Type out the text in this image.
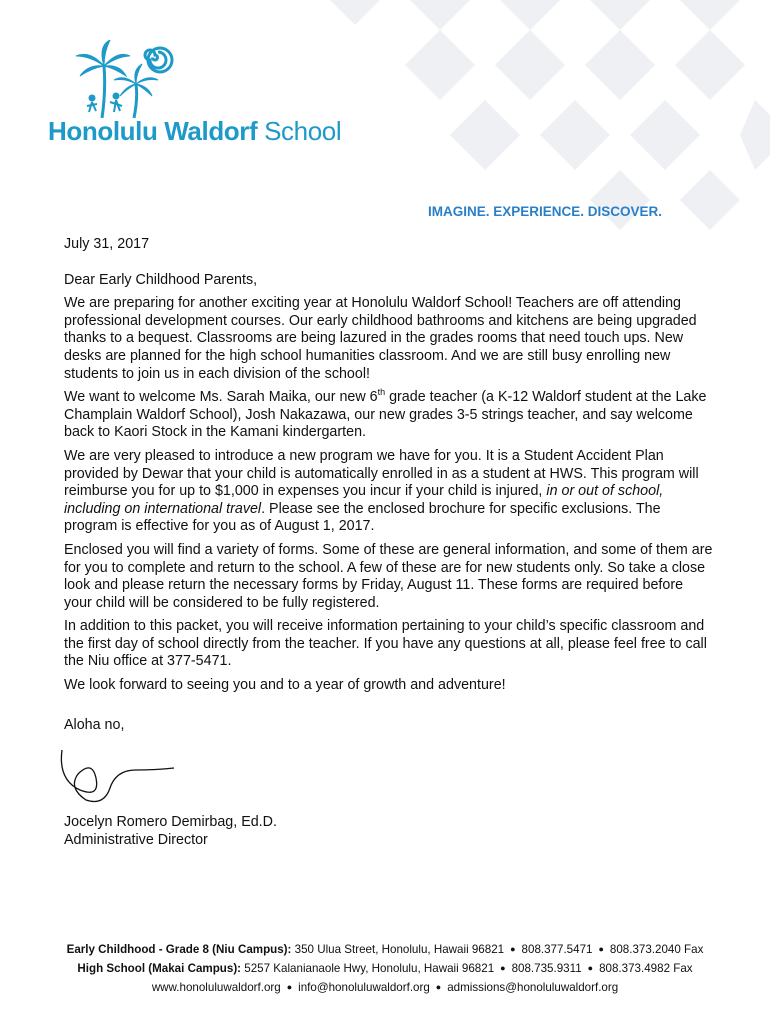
Honolulu Waldorf School
IMAGINE. EXPERIENCE. DISCOVER.

July 31, 2017

Dear Early Childhood Parents,

We are preparing for another exciting year at Honolulu Waldorf School! Teachers are off attending professional development courses. Our early childhood bathrooms and kitchens are being upgraded thanks to a bequest. Classrooms are being lazured in the grades rooms that need touch ups. New desks are planned for the high school humanities classroom. And we are still busy enrolling new students to join us in each division of the school!

We want to welcome Ms. Sarah Maika, our new 6th grade teacher (a K-12 Waldorf student at the Lake Champlain Waldorf School), Josh Nakazawa, our new grades 3-5 strings teacher, and say welcome back to Kaori Stock in the Kamani kindergarten.

We are very pleased to introduce a new program we have for you. It is a Student Accident Plan provided by Dewar that your child is automatically enrolled in as a student at HWS. This program will reimburse you for up to $1,000 in expenses you incur if your child is injured, in or out of school, including on international travel. Please see the enclosed brochure for specific exclusions. The program is effective for you as of August 1, 2017.

Enclosed you will find a variety of forms. Some of these are general information, and some of them are for you to complete and return to the school. A few of these are for new students only. So take a close look and please return the necessary forms by Friday, August 11. These forms are required before your child will be considered to be fully registered.

In addition to this packet, you will receive information pertaining to your child’s specific classroom and the first day of school directly from the teacher. If you have any questions at all, please feel free to call the Niu office at 377-5471.

We look forward to seeing you and to a year of growth and adventure!

Aloha no,

Jocelyn Romero Demirbag, Ed.D.

Administrative Director

Early Childhood - Grade 8 (Niu Campus): 350 Ulua Street, Honolulu, Hawaii 96821 ● 808.377.5471 ● 808.373.2040 Fax
High School (Makai Campus): 5257 Kalanianaole Hwy, Honolulu, Hawaii 96821 ● 808.735.9311 ● 808.373.4982 Fax
www.honoluluwaldorf.org ● info@honoluluwaldorf.org ● admissions@honoluluwaldorf.org
